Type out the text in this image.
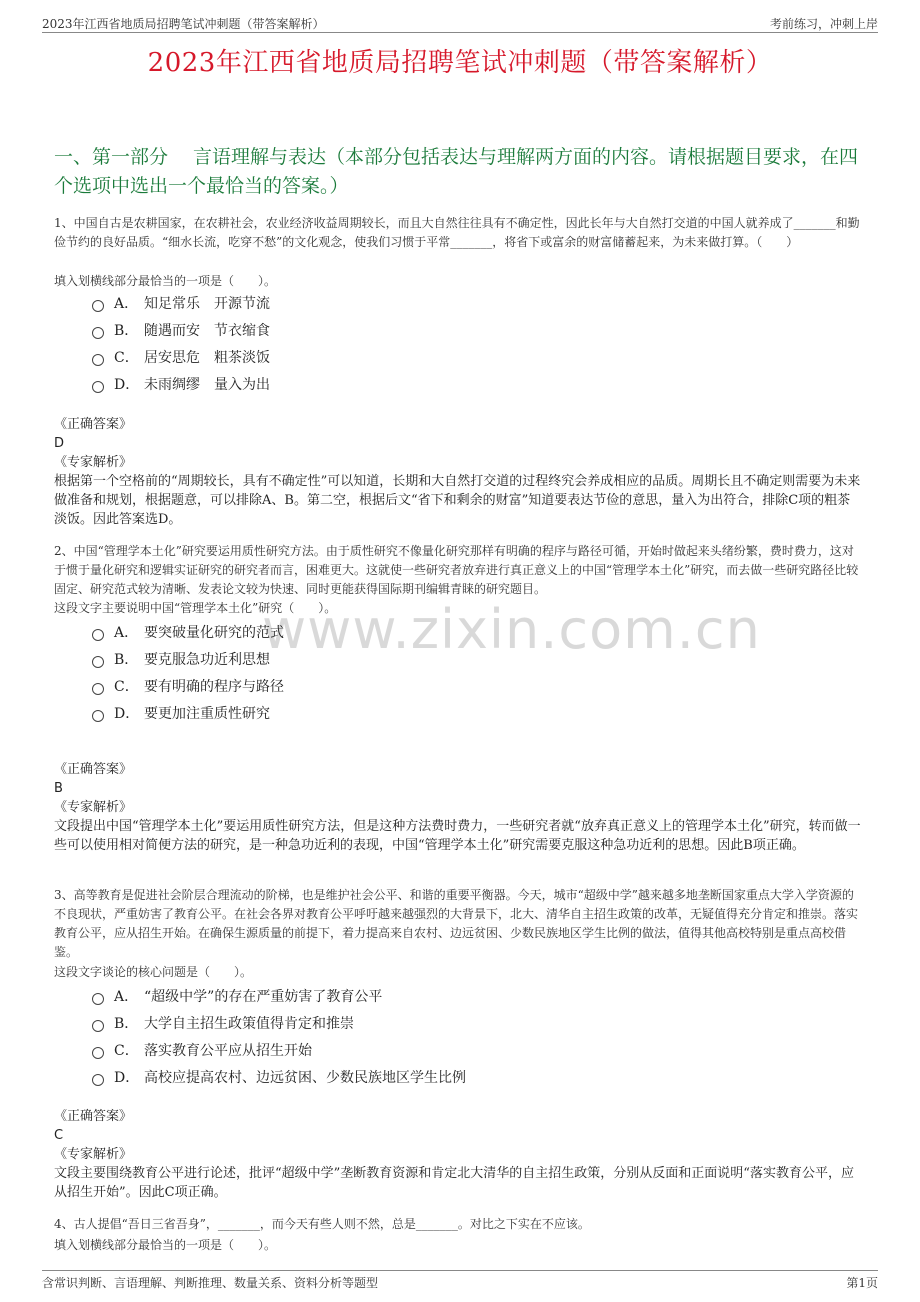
2023年江西省地质局招聘笔试冲刺题（带答案解析）	考前练习，冲刺上岸
2023年江西省地质局招聘笔试冲刺题（带答案解析）
一、第一部分　 言语理解与表达（本部分包括表达与理解两方面的内容。请根据题目要求，在四个选项中选出一个最恰当的答案。）
www.zixin.com.cn
1、中国自古是农耕国家，在农耕社会，农业经济收益周期较长，而且大自然往往具有不确定性，因此长年与大自然打交道的中国人就养成了_______和勤俭节约的良好品质。“细水长流，吃穿不愁”的文化观念，使我们习惯于平常_______，将省下或富余的财富储蓄起来，为未来做打算。（　　）
填入划横线部分最恰当的一项是（　　）。
A． 知足常乐　开源节流
B． 随遇而安　节衣缩食
C． 居安思危　粗茶淡饭
D． 未雨绸缪　量入为出
《正确答案》
D
《专家解析》
根据第一个空格前的“周期较长，具有不确定性”可以知道，长期和大自然打交道的过程终究会养成相应的品质。周期长且不确定则需要为未来做准备和规划，根据题意，可以排除A、B。第二空，根据后文“省下和剩余的财富”知道要表达节俭的意思，量入为出符合，排除C项的粗茶淡饭。因此答案选D。
2、中国“管理学本土化”研究要运用质性研究方法。由于质性研究不像量化研究那样有明确的程序与路径可循，开始时做起来头绪纷繁，费时费力，这对于惯于量化研究和逻辑实证研究的研究者而言，困难更大。这就使一些研究者放弃进行真正意义上的中国“管理学本土化”研究，而去做一些研究路径比较固定、研究范式较为清晰、发表论文较为快速、同时更能获得国际期刊编辑青睐的研究题目。
这段文字主要说明中国“管理学本土化”研究（　　）。
A． 要突破量化研究的范式
B． 要克服急功近利思想
C． 要有明确的程序与路径
D． 要更加注重质性研究
《正确答案》
B
《专家解析》
文段提出中国“管理学本土化”要运用质性研究方法，但是这种方法费时费力，一些研究者就“放弃真正意义上的管理学本土化”研究，转而做一些可以使用相对简便方法的研究，是一种急功近利的表现，中国“管理学本土化”研究需要克服这种急功近利的思想。因此B项正确。
3、高等教育是促进社会阶层合理流动的阶梯，也是维护社会公平、和谐的重要平衡器。今天，城市“超级中学”越来越多地垄断国家重点大学入学资源的不良现状，严重妨害了教育公平。在社会各界对教育公平呼吁越来越强烈的大背景下，北大、清华自主招生政策的改革，无疑值得充分肯定和推崇。落实教育公平，应从招生开始。在确保生源质量的前提下，着力提高来自农村、边远贫困、少数民族地区学生比例的做法，值得其他高校特别是重点高校借鉴。
这段文字谈论的核心问题是（　　）。
A． “超级中学”的存在严重妨害了教育公平
B． 大学自主招生政策值得肯定和推崇
C． 落实教育公平应从招生开始
D． 高校应提高农村、边远贫困、少数民族地区学生比例
《正确答案》
C
《专家解析》
文段主要围绕教育公平进行论述，批评“超级中学”垄断教育资源和肯定北大清华的自主招生政策，分别从反面和正面说明“落实教育公平，应从招生开始”。因此C项正确。
4、古人提倡“吾日三省吾身”，_______，而今天有些人则不然，总是_______。对比之下实在不应该。
填入划横线部分最恰当的一项是（　　）。
含常识判断、言语理解、判断推理、数量关系、资料分析等题型	第1页
